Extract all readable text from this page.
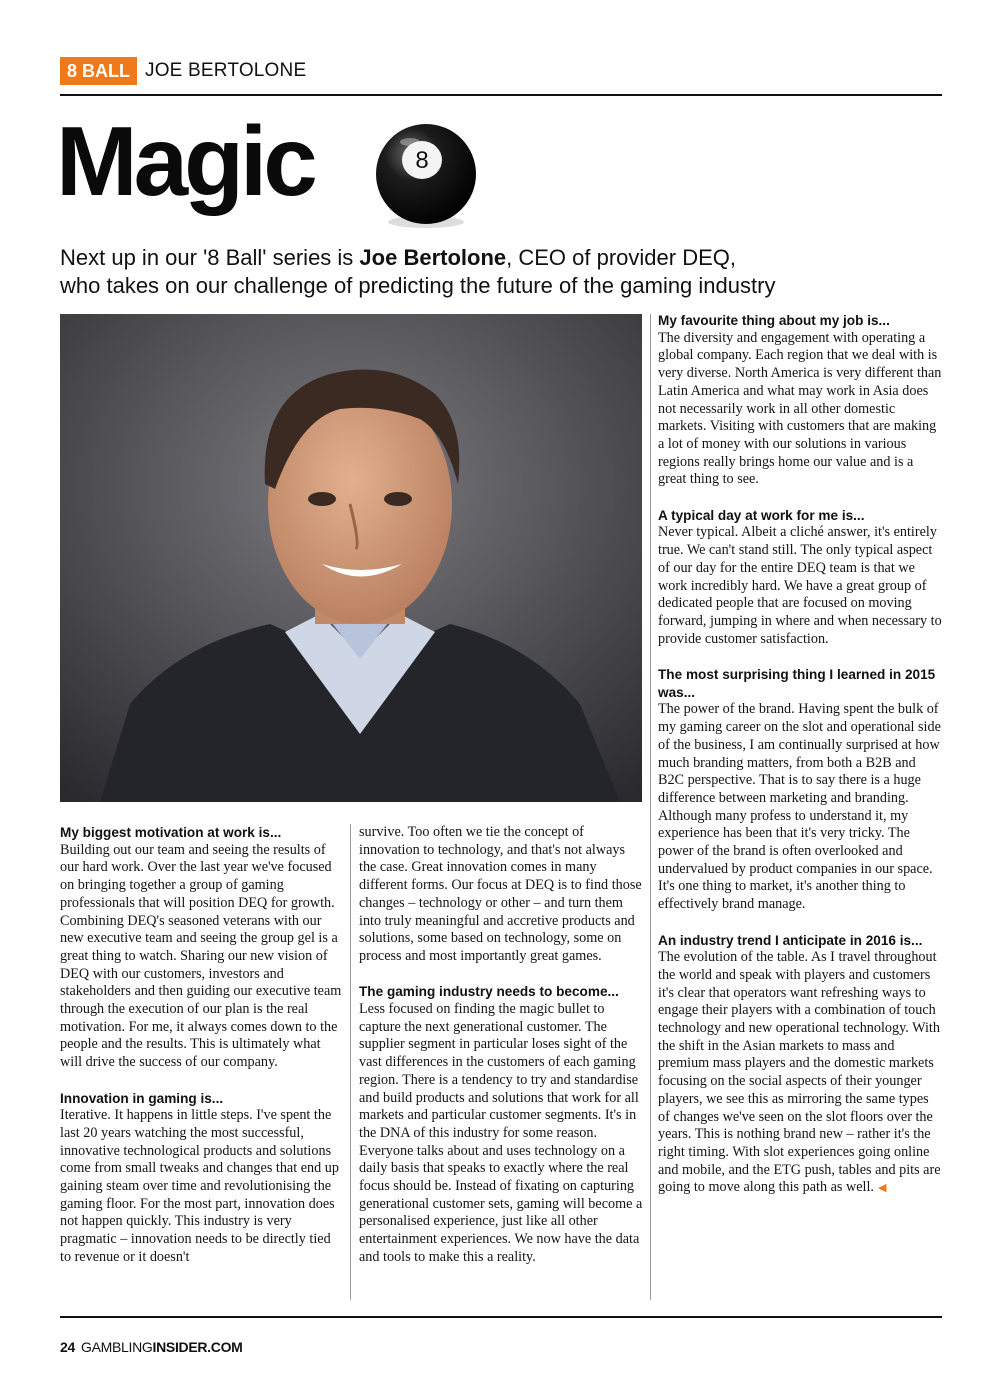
8 BALL JOE BERTOLONE
Magic	8
Next up in our '8 Ball' series is Joe Bertolone, CEO of provider DEQ,
who takes on our challenge of predicting the future of the gaming industry
My biggest motivation at work is...

Building out our team and seeing the results of our hard work. Over the last year we've focused on bringing together a group of gaming professionals that will position DEQ for growth. Combining DEQ's seasoned veterans with our new executive team and seeing the group gel is a great thing to watch. Sharing our new vision of DEQ with our customers, investors and stakeholders and then guiding our executive team through the execution of our plan is the real motivation. For me, it always comes down to the people and the results. This is ultimately what will drive the success of our company.

Innovation in gaming is...

Iterative. It happens in little steps. I've spent the last 20 years watching the most successful, innovative technological products and solutions come from small tweaks and changes that end up gaining steam over time and revolutionising the gaming floor. For the most part, innovation does not happen quickly. This industry is very pragmatic – innovation needs to be directly tied to revenue or it doesn't

survive. Too often we tie the concept of innovation to technology, and that's not always the case. Great innovation comes in many different forms. Our focus at DEQ is to find those changes – technology or other – and turn them into truly meaningful and accretive products and solutions, some based on technology, some on process and most importantly great games.

The gaming industry needs to become...

Less focused on finding the magic bullet to capture the next generational customer. The supplier segment in particular loses sight of the vast differences in the customers of each gaming region. There is a tendency to try and standardise and build products and solutions that work for all markets and particular customer segments. It's in the DNA of this industry for some reason. Everyone talks about and uses technology on a daily basis that speaks to exactly where the real focus should be. Instead of fixating on capturing generational customer sets, gaming will become a personalised experience, just like all other entertainment experiences. We now have the data and tools to make this a reality.

My favourite thing about my job is...

The diversity and engagement with operating a global company. Each region that we deal with is very diverse. North America is very different than Latin America and what may work in Asia does not necessarily work in all other domestic markets. Visiting with customers that are making a lot of money with our solutions in various regions really brings home our value and is a great thing to see.

A typical day at work for me is...

Never typical. Albeit a cliché answer, it's entirely true. We can't stand still. The only typical aspect of our day for the entire DEQ team is that we work incredibly hard. We have a great group of dedicated people that are focused on moving forward, jumping in where and when necessary to provide customer satisfaction.

The most surprising thing I learned in 2015 was...

The power of the brand. Having spent the bulk of my gaming career on the slot and operational side of the business, I am continually surprised at how much branding matters, from both a B2B and B2C perspective. That is to say there is a huge difference between marketing and branding. Although many profess to understand it, my experience has been that it's very tricky. The power of the brand is often overlooked and undervalued by product companies in our space. It's one thing to market, it's another thing to effectively brand manage.

An industry trend I anticipate in 2016 is...

The evolution of the table. As I travel throughout the world and speak with players and customers it's clear that operators want refreshing ways to engage their players with a combination of touch technology and new operational technology. With the shift in the Asian markets to mass and premium mass players and the domestic markets focusing on the social aspects of their younger players, we see this as mirroring the same types of changes we've seen on the slot floors over the years. This is nothing brand new – rather it's the right timing. With slot experiences going online and mobile, and the ETG push, tables and pits are going to move along this path as well. ◀

24 GAMBLINGINSIDER.COM
